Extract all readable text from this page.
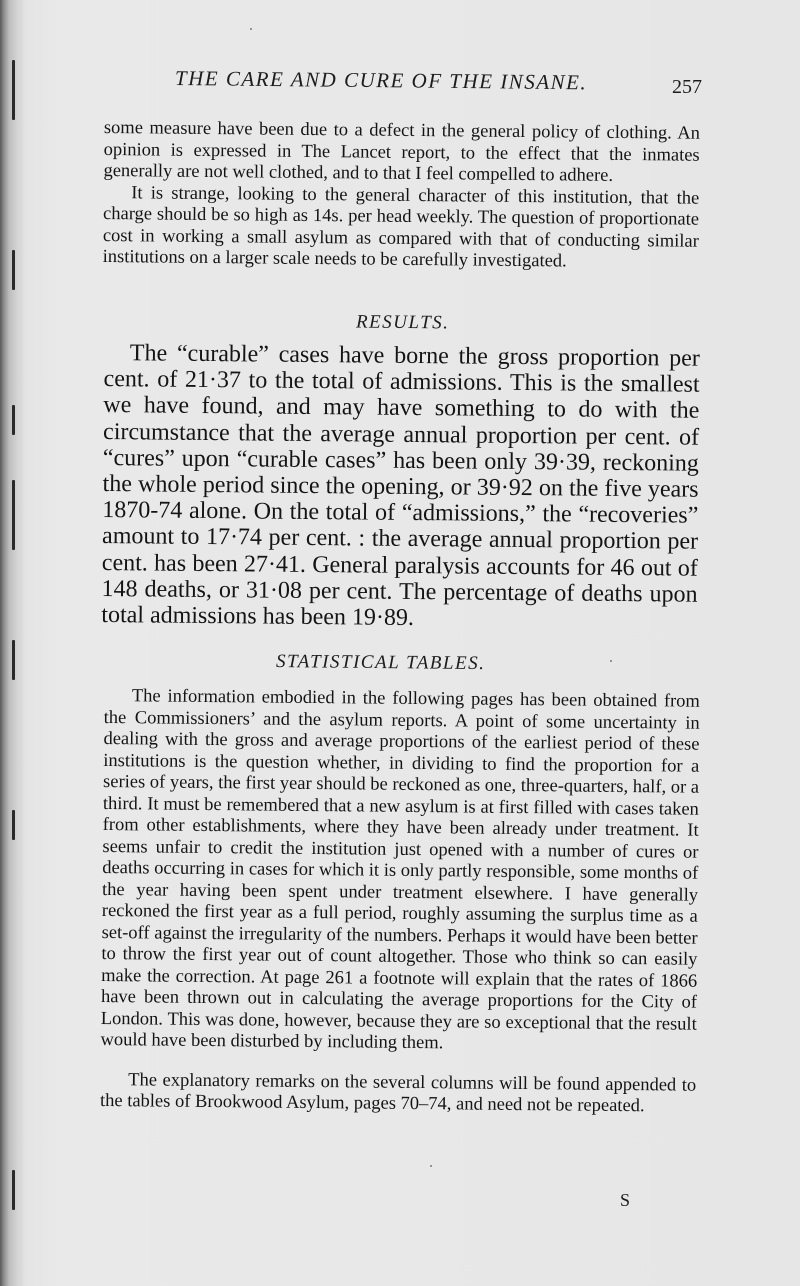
THE CARE AND CURE OF THE INSANE.	257

some measure have been due to a defect in the general policy of clothing. An opinion is expressed in The Lancet report, to the effect that the inmates generally are not well clothed, and to that I feel compelled to adhere.

It is strange, looking to the general character of this institution, that the charge should be so high as 14s. per head weekly. The question of proportionate cost in working a small asylum as compared with that of conducting similar institutions on a larger scale needs to be carefully investigated.

RESULTS.

The “curable” cases have borne the gross proportion per cent. of 21·37 to the total of admissions. This is the smallest we have found, and may have something to do with the circumstance that the average annual proportion per cent. of “cures” upon “curable cases” has been only 39·39, reckoning the whole period since the opening, or 39·92 on the five years 1870-74 alone. On the total of “admissions,” the “recoveries” amount to 17·74 per cent. : the average annual proportion per cent. has been 27·41. General paralysis accounts for 46 out of 148 deaths, or 31·08 per cent. The percentage of deaths upon total admissions has been 19·89.

STATISTICAL TABLES.

The information embodied in the following pages has been obtained from the Commissioners’ and the asylum reports. A point of some uncertainty in dealing with the gross and average proportions of the earliest period of these institutions is the question whether, in dividing to find the proportion for a series of years, the first year should be reckoned as one, three-quarters, half, or a third. It must be remembered that a new asylum is at first filled with cases taken from other establishments, where they have been already under treatment. It seems unfair to credit the institution just opened with a number of cures or deaths occurring in cases for which it is only partly responsible, some months of the year having been spent under treatment elsewhere. I have generally reckoned the first year as a full period, roughly assuming the surplus time as a set-off against the irregularity of the numbers. Perhaps it would have been better to throw the first year out of count altogether. Those who think so can easily make the correction. At page 261 a footnote will explain that the rates of 1866 have been thrown out in calculating the average proportions for the City of London. This was done, however, because they are so exceptional that the result would have been disturbed by including them.

The explanatory remarks on the several columns will be found appended to the tables of Brookwood Asylum, pages 70–74, and need not be repeated.

S
